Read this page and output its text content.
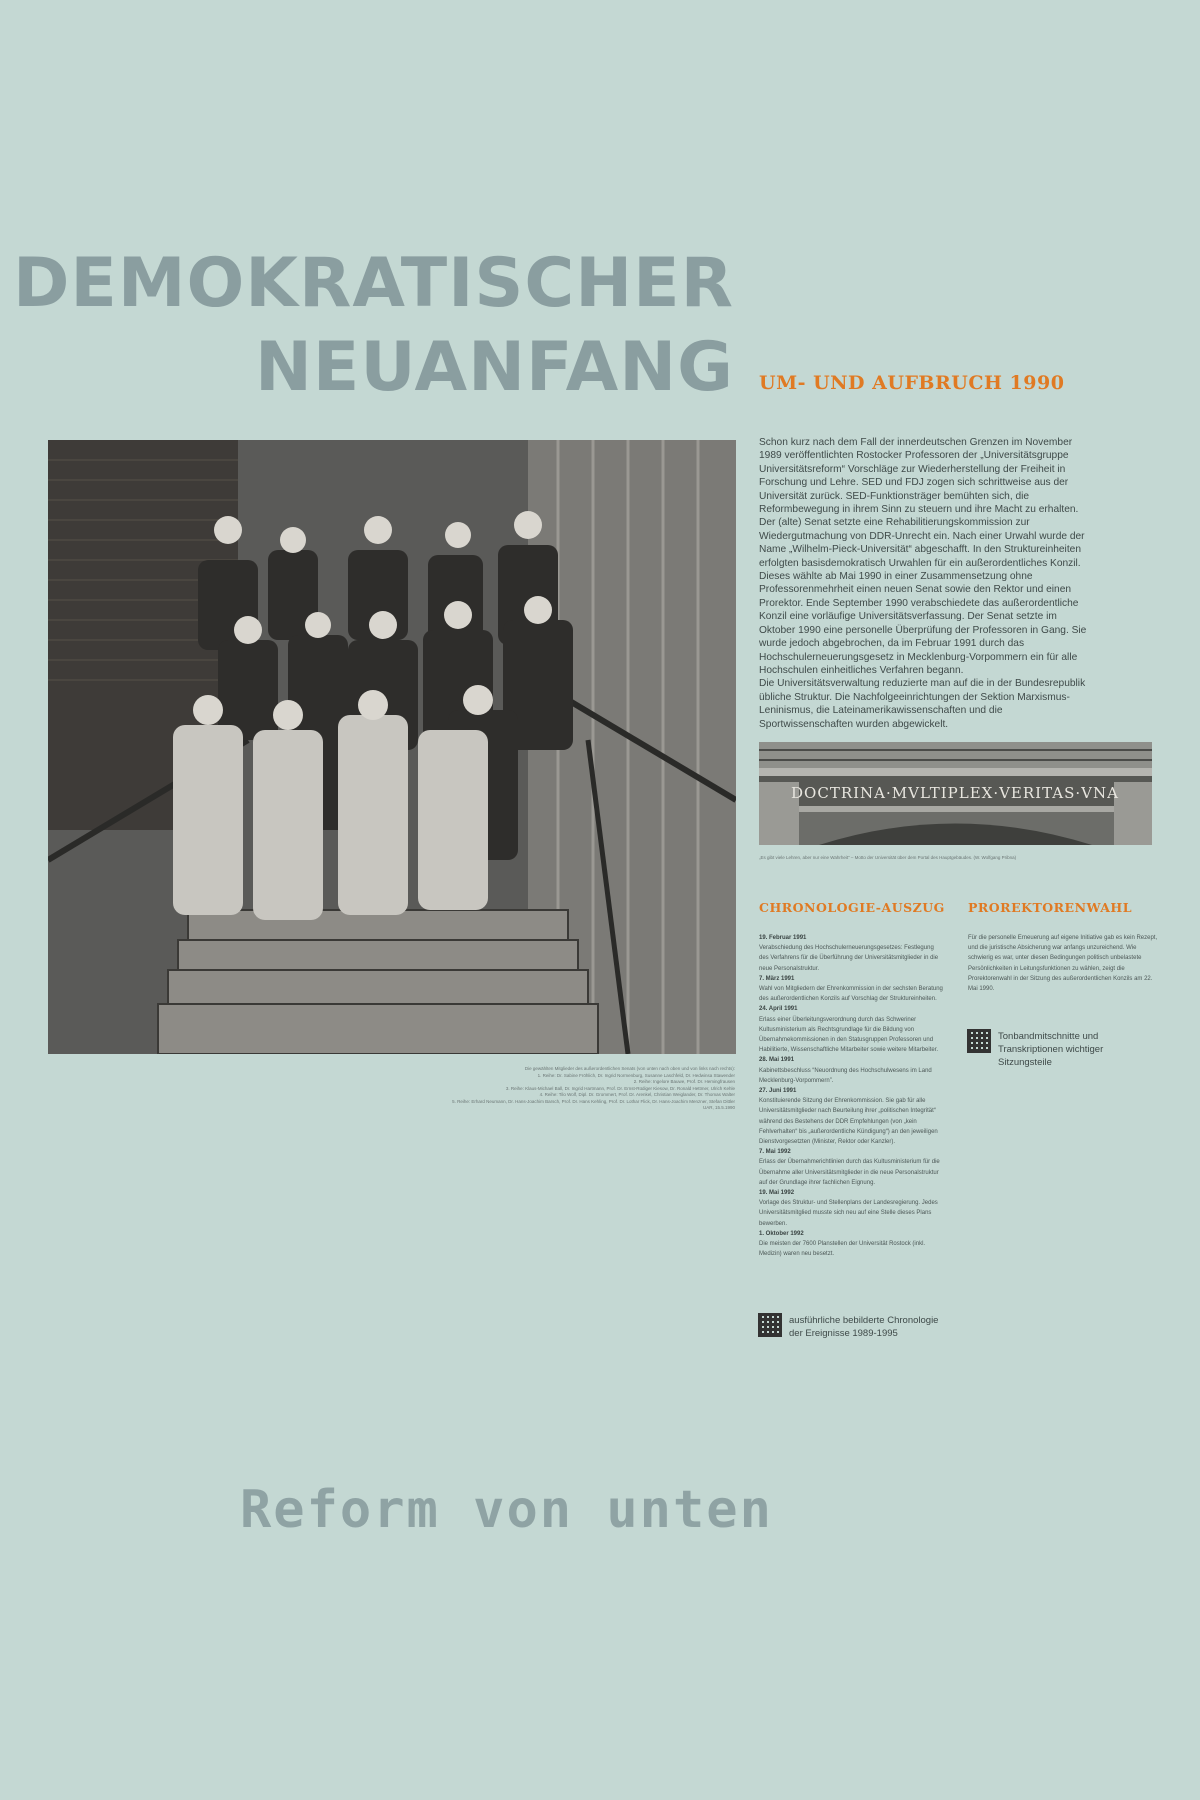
DEMOKRATISCHER
NEUANFANG UM- UND AUFBRUCH 1990

Die gewählten Mitglieder des außerordentlichen Senats (von unten nach oben und von links nach rechts):

1. Reihe: Dr. Sabine Fröhlich, Dr. Ingrid Normenburg, Susanne Laschfeld, Dr. Hedwinsa Stawender

2. Reihe: Ingelore Bauwe, Prof. Dr. Hemingfrausen

3. Reihe: Klaus-Michael Ball, Dr. Ingrid Hartmann, Prof. Dr. Ernst-Rüdiger Kiesow, Dr. Ronald Hettmer, Ulrich Kehle

4. Reihe: Tilo Wolf, Dipl. Dr. Grommert, Prof. Dr. Arenkel, Christian Weiglander, Dr. Thomas Walter

5. Reihe: Erhard Neumann, Dr. Hans-Joachim Barsch, Prof. Dr. Hans Kehling, Prof. Dr. Lothar Flick, Dr. Hans-Joachim Menzner, Stefan Dittler

UAR, 15.5.1990

Schon kurz nach dem Fall der innerdeutschen Grenzen im November 1989 veröffentlichten Rostocker Professoren der „Universitätsgruppe Universitätsreform“ Vorschläge zur Wiederherstellung der Freiheit in Forschung und Lehre. SED und FDJ zogen sich schrittweise aus der Universität zurück. SED-Funktionsträger bemühten sich, die Reformbewegung in ihrem Sinn zu steuern und ihre Macht zu erhalten. Der (alte) Senat setzte eine Rehabilitierungskommission zur Wiedergutmachung von DDR-Unrecht ein. Nach einer Urwahl wurde der Name „Wilhelm-Pieck-Universität“ abgeschafft. In den Struktureinheiten erfolgten basisdemokratisch Urwahlen für ein außerordentliches Konzil. Dieses wählte ab Mai 1990 in einer Zusammensetzung ohne Professorenmehrheit einen neuen Senat sowie den Rektor und einen Prorektor. Ende September 1990 verabschiedete das außerordentliche Konzil eine vorläufige Universitätsverfassung. Der Senat setzte im Oktober 1990 eine personelle Überprüfung der Professoren in Gang. Sie wurde jedoch abgebrochen, da im Februar 1991 durch das Hochschulerneuerungsgesetz in Mecklenburg-Vorpommern ein für alle Hochschulen einheitliches Verfahren begann.

Die Universitätsverwaltung reduzierte man auf die in der Bundesrepublik übliche Struktur. Die Nachfolgeeinrichtungen der Sektion Marxismus-Leninismus, die Lateinamerikawissenschaften und die Sportwissenschaften wurden abgewickelt.

DOCTRINA·MVLTIPLEX·VERITAS·VNA
„Es gibt viele Lehren, aber nur eine Wahrheit“ – Motto der Universität über dem Portal des Hauptgebäudes. (W. Wolfgang Pribna)
CHRONOLOGIE-AUSZUG
19. Februar 1991

Verabschiedung des Hochschulerneuerungsgesetzes: Festlegung des Verfahrens für die Überführung der Universitätsmitglieder in die neue Personalstruktur.

7. März 1991

Wahl von Mitgliedern der Ehrenkommission in der sechsten Beratung des außerordentlichen Konzils auf Vorschlag der Struktureinheiten.

24. April 1991

Erlass einer Überleitungsverordnung durch das Schweriner Kultusministerium als Rechtsgrundlage für die Bildung von Übernahmekommissionen in den Statusgruppen Professoren und Habilitierte, Wissenschaftliche Mitarbeiter sowie weitere Mitarbeiter.

28. Mai 1991

Kabinettsbeschluss “Neuordnung des Hochschulwesens im Land Mecklenburg-Vorpommern”.

27. Juni 1991

Konstituierende Sitzung der Ehrenkommission. Sie gab für alle Universitätsmitglieder nach Beurteilung ihrer „politischen Integrität“ während des Bestehens der DDR Empfehlungen (von „kein Fehlverhalten“ bis „außerordentliche Kündigung“) an den jeweiligen Dienstvorgesetzten (Minister, Rektor oder Kanzler).

7. Mai 1992

Erlass der Übernahmerichtlinien durch das Kultusministerium für die Übernahme aller Universitätsmitglieder in die neue Personalstruktur auf der Grundlage ihrer fachlichen Eignung.

19. Mai 1992

Vorlage des Struktur- und Stellenplans der Landesregierung. Jedes Universitätsmitglied musste sich neu auf eine Stelle dieses Plans bewerben.

1. Oktober 1992

Die meisten der 7600 Planstellen der Universität Rostock (inkl. Medizin) waren neu besetzt.

ausführliche bebilderte Chronologie der Ereignisse 1989-1995
PROREKTORENWAHL
Für die personelle Erneuerung auf eigene Initiative gab es kein Rezept, und die juristische Absicherung war anfangs unzureichend. Wie schwierig es war, unter diesen Bedingungen politisch unbelastete Persönlichkeiten in Leitungsfunktionen zu wählen, zeigt die Prorektorenwahl in der Sitzung des außerordentlichen Konzils am 22. Mai 1990.
Tonbandmitschnitte und Transkriptionen wichtiger Sitzungsteile

Reform von unten
